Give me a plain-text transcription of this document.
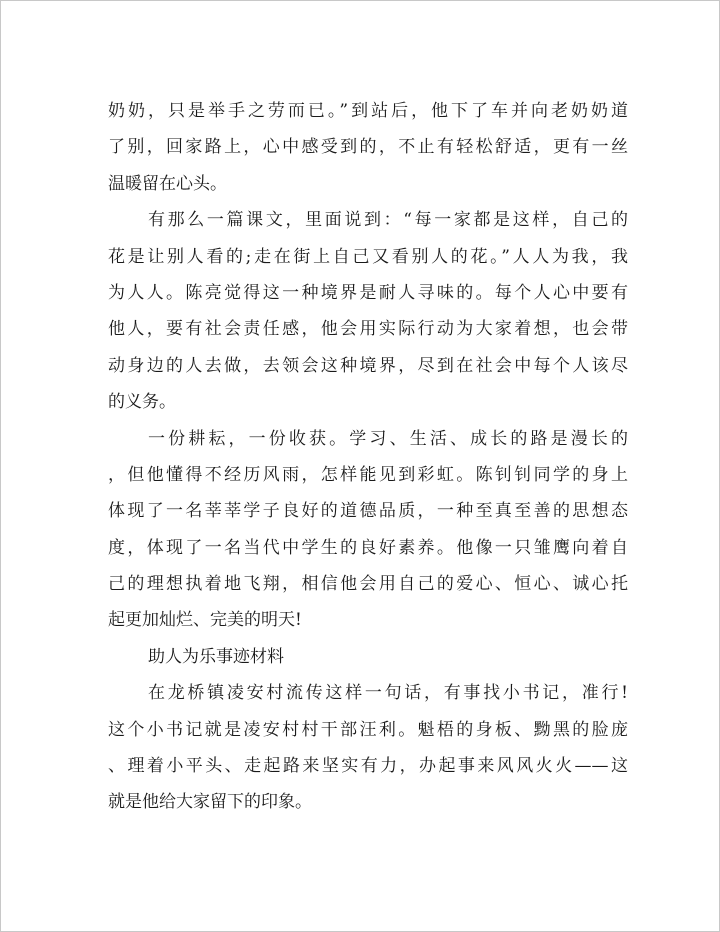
奶奶，只是举手之劳而已。”到站后，他下了车并向老奶奶道
了别，回家路上，心中感受到的，不止有轻松舒适，更有一丝
温暖留在心头。
有那么一篇课文，里面说到：“每一家都是这样，自己的
花是让别人看的;走在街上自己又看别人的花。”人人为我，我
为人人。陈亮觉得这一种境界是耐人寻味的。每个人心中要有
他人，要有社会责任感，他会用实际行动为大家着想，也会带
动身边的人去做，去领会这种境界，尽到在社会中每个人该尽
的义务。
一份耕耘，一份收获。学习、生活、成长的路是漫长的
，但他懂得不经历风雨，怎样能见到彩虹。陈钊钊同学的身上
体现了一名莘莘学子良好的道德品质，一种至真至善的思想态
度，体现了一名当代中学生的良好素养。他像一只雏鹰向着自
己的理想执着地飞翔，相信他会用自己的爱心、恒心、诚心托
起更加灿烂、完美的明天!
助人为乐事迹材料
在龙桥镇凌安村流传这样一句话，有事找小书记，准行!
这个小书记就是凌安村村干部汪利。魁梧的身板、黝黑的脸庞
、理着小平头、走起路来坚实有力，办起事来风风火火——这
就是他给大家留下的印象。
